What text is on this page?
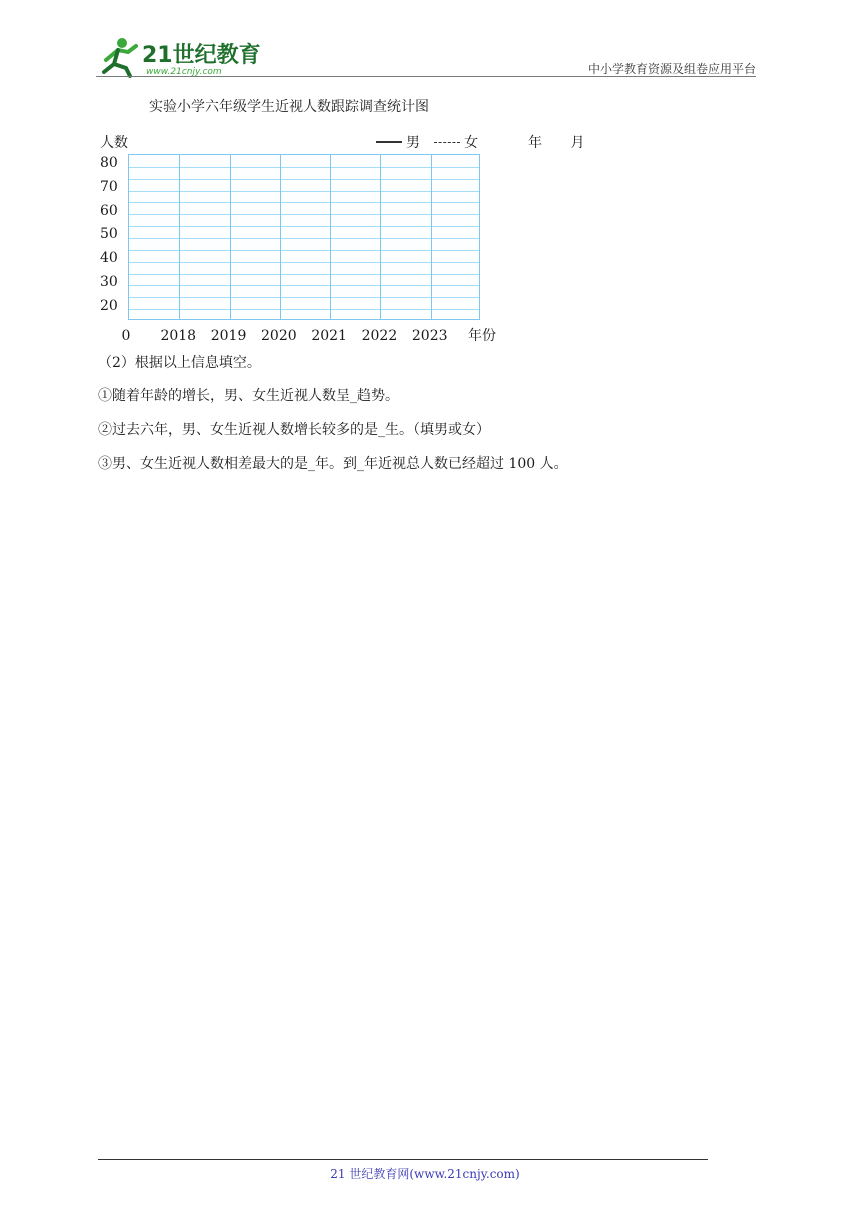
21世纪教育
www.21cnjy.com	中小学教育资源及组卷应用平台
实验小学六年级学生近视人数跟踪调查统计图
人数	男	女	年 月
80
70
60
50
40
30
20
0 2018 2019 2020 2021 2022 2023 年份
（2）根据以上信息填空。
①随着年龄的增长，男、女生近视人数呈_趋势。
②过去六年，男、女生近视人数增长较多的是_生。（填男或女）
③男、女生近视人数相差最大的是_年。到_年近视总人数已经超过 100 人。
21 世纪教育网(www.21cnjy.com)
